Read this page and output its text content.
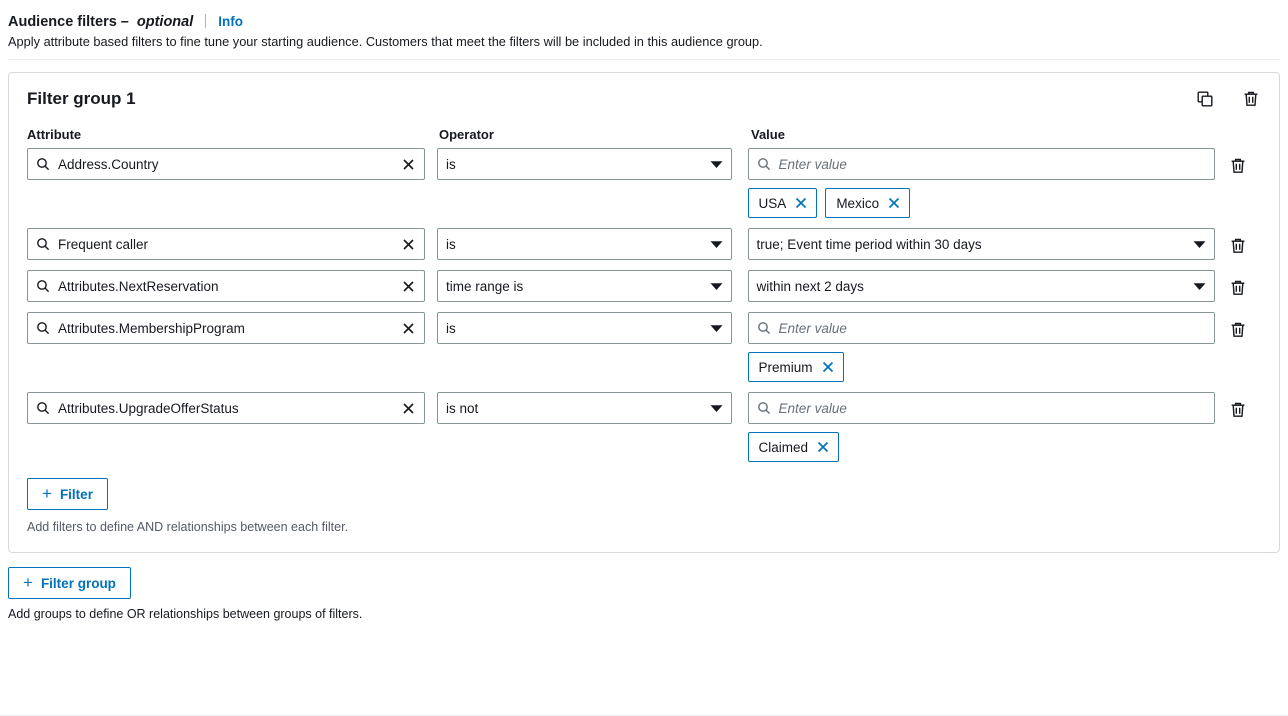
Audience filters – optional Info
Apply attribute based filters to fine tune your starting audience. Customers that meet the filters will be included in this audience group.
Filter group 1
Attribute	Operator	Value
Address.Country	is	Enter value
USA	Mexico
Frequent caller	is	true; Event time period within 30 days
Attributes.NextReservation	time range is	within next 2 days
Attributes.MembershipProgram	is	Enter value
Premium
Attributes.UpgradeOfferStatus	is not	Enter value
Claimed
+ Filter
Add filters to define AND relationships between each filter.
+ Filter group
Add groups to define OR relationships between groups of filters.
